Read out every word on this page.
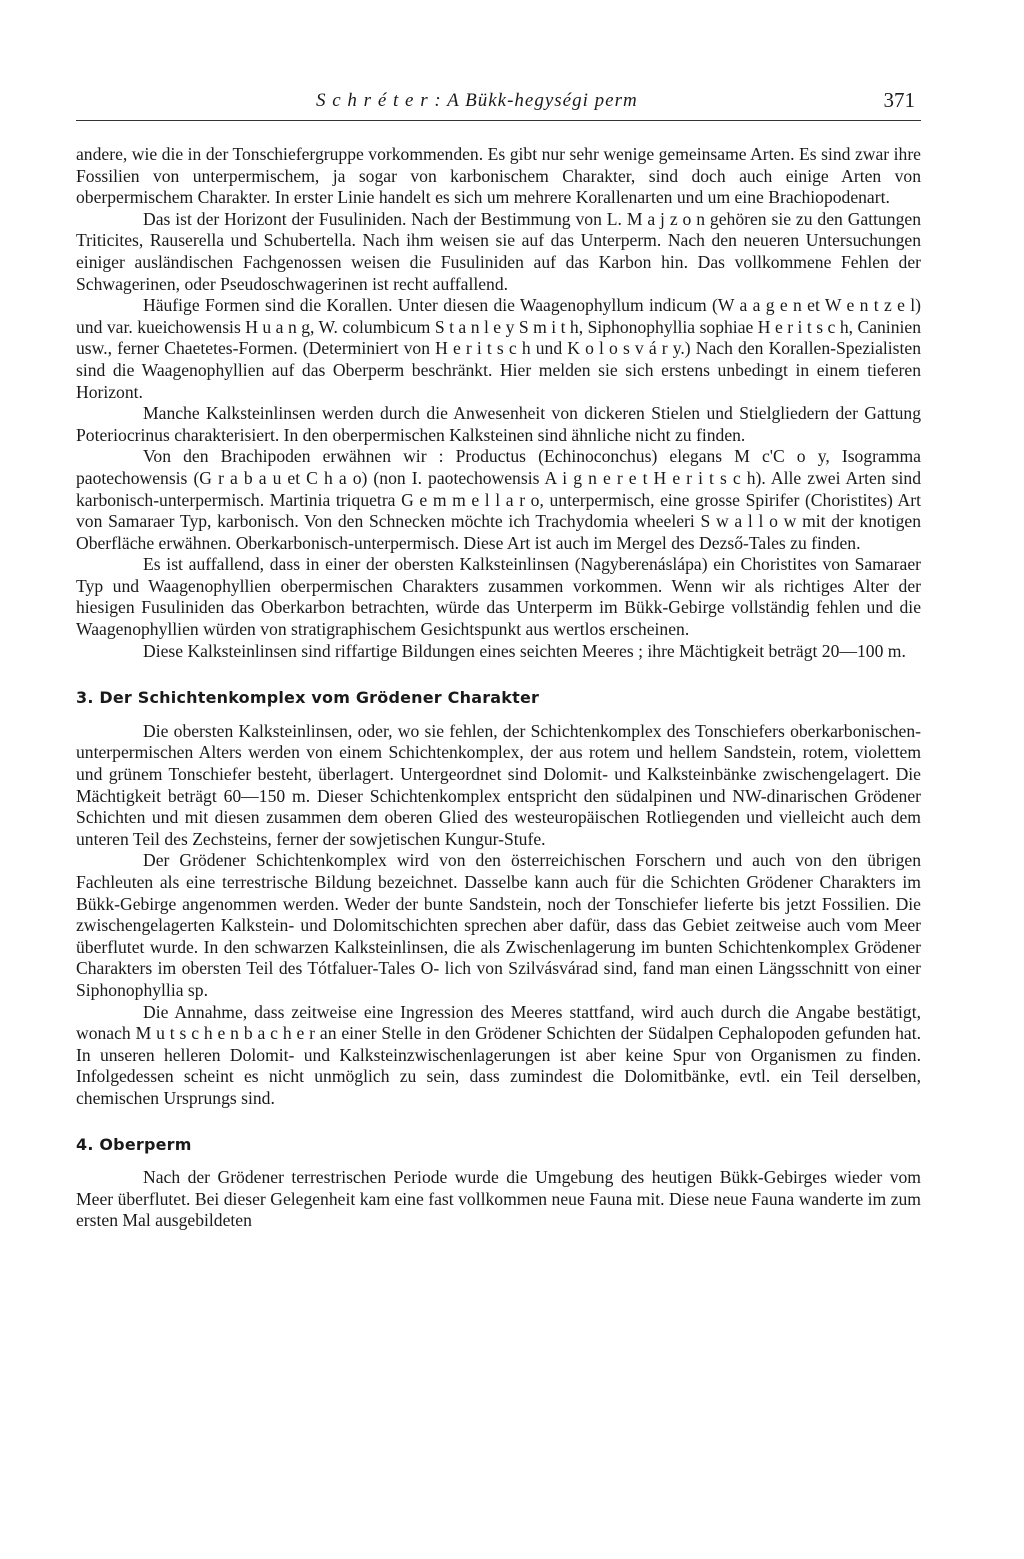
S c h r é t e r : A Bükk-hegységi perm	371

andere, wie die in der Tonschiefergruppe vorkommenden. Es gibt nur sehr wenige gemeinsame Arten. Es sind zwar ihre Fossilien von unterpermischem, ja sogar von karbonischem Charakter, sind doch auch einige Arten von oberpermischem Charakter. In erster Linie handelt es sich um mehrere Korallenarten und um eine Brachiopodenart.

Das ist der Horizont der Fusuliniden. Nach der Bestimmung von L. M a j z o n gehören sie zu den Gattungen Triticites, Rauserella und Schubertella. Nach ihm weisen sie auf das Unterperm. Nach den neueren Untersuchungen einiger ausländischen Fachgenossen weisen die Fusuliniden auf das Karbon hin. Das vollkommene Fehlen der Schwagerinen, oder Pseudoschwagerinen ist recht auffallend.

Häufige Formen sind die Korallen. Unter diesen die Waagenophyllum indicum (W a a g e n et W e n t z e l) und var. kueichowensis H u a n g, W. columbicum S t a n l e y S m i t h, Siphonophyllia sophiae H e r i t s c h, Caninien usw., ferner Chaetetes-Formen. (Determiniert von H e r i t s c h und K o l o s v á r y.) Nach den Korallen-Spezialisten sind die Waagenophyllien auf das Oberperm beschränkt. Hier melden sie sich erstens unbedingt in einem tieferen Horizont.

Manche Kalksteinlinsen werden durch die Anwesenheit von dickeren Stielen und Stielgliedern der Gattung Poteriocrinus charakterisiert. In den oberpermischen Kalksteinen sind ähnliche nicht zu finden.

Von den Brachipoden erwähnen wir : Productus (Echinoconchus) elegans M c'C o y, Isogramma paotechowensis (G r a b a u et C h a o) (non I. paotechowensis A i g n e r e t H e r i t s c h). Alle zwei Arten sind karbonisch-unterpermisch. Martinia triquetra G e m m e l l a r o, unterpermisch, eine grosse Spirifer (Choristites) Art von Samaraer Typ, karbonisch. Von den Schnecken möchte ich Trachydomia wheeleri S w a l l o w mit der knotigen Oberfläche erwähnen. Oberkarbonisch-unterpermisch. Diese Art ist auch im Mergel des Dezső-Tales zu finden.

Es ist auffallend, dass in einer der obersten Kalksteinlinsen (Nagyberenáslápa) ein Choristites von Samaraer Typ und Waagenophyllien oberpermischen Charakters zusammen vorkommen. Wenn wir als richtiges Alter der hiesigen Fusuliniden das Oberkarbon betrachten, würde das Unterperm im Bükk-Gebirge vollständig fehlen und die Waagenophyllien würden von stratigraphischem Gesichtspunkt aus wertlos erscheinen.

Diese Kalksteinlinsen sind riffartige Bildungen eines seichten Meeres ; ihre Mächtigkeit beträgt 20—100 m.

3. Der Schichtenkomplex vom Grödener Charakter

Die obersten Kalksteinlinsen, oder, wo sie fehlen, der Schichtenkomplex des Tonschiefers oberkarbonischen-unterpermischen Alters werden von einem Schichtenkomplex, der aus rotem und hellem Sandstein, rotem, violettem und grünem Tonschiefer besteht, überlagert. Untergeordnet sind Dolomit- und Kalksteinbänke zwischengelagert. Die Mächtigkeit beträgt 60—150 m. Dieser Schichtenkomplex entspricht den südalpinen und NW-dinarischen Grödener Schichten und mit diesen zusammen dem oberen Glied des westeuropäischen Rotliegenden und vielleicht auch dem unteren Teil des Zechsteins, ferner der sowjetischen Kungur-Stufe.

Der Grödener Schichtenkomplex wird von den österreichischen Forschern und auch von den übrigen Fachleuten als eine terrestrische Bildung bezeichnet. Dasselbe kann auch für die Schichten Grödener Charakters im Bükk-Gebirge angenommen werden. Weder der bunte Sandstein, noch der Tonschiefer lieferte bis jetzt Fossilien. Die zwischengelagerten Kalkstein- und Dolomitschichten sprechen aber dafür, dass das Gebiet zeitweise auch vom Meer überflutet wurde. In den schwarzen Kalksteinlinsen, die als Zwischenlagerung im bunten Schichtenkomplex Grödener Charakters im obersten Teil des Tótfaluer-Tales O- lich von Szilvásvárad sind, fand man einen Längsschnitt von einer Siphonophyllia sp.

Die Annahme, dass zeitweise eine Ingression des Meeres stattfand, wird auch durch die Angabe bestätigt, wonach M u t s c h e n b a c h e r an einer Stelle in den Grödener Schichten der Südalpen Cephalopoden gefunden hat. In unseren helleren Dolomit- und Kalksteinzwischenlagerungen ist aber keine Spur von Organismen zu finden. Infolgedessen scheint es nicht unmöglich zu sein, dass zumindest die Dolomitbänke, evtl. ein Teil derselben, chemischen Ursprungs sind.

4. Oberperm

Nach der Grödener terrestrischen Periode wurde die Umgebung des heutigen Bükk-Gebirges wieder vom Meer überflutet. Bei dieser Gelegenheit kam eine fast vollkommen neue Fauna mit. Diese neue Fauna wanderte im zum ersten Mal ausgebildeten
